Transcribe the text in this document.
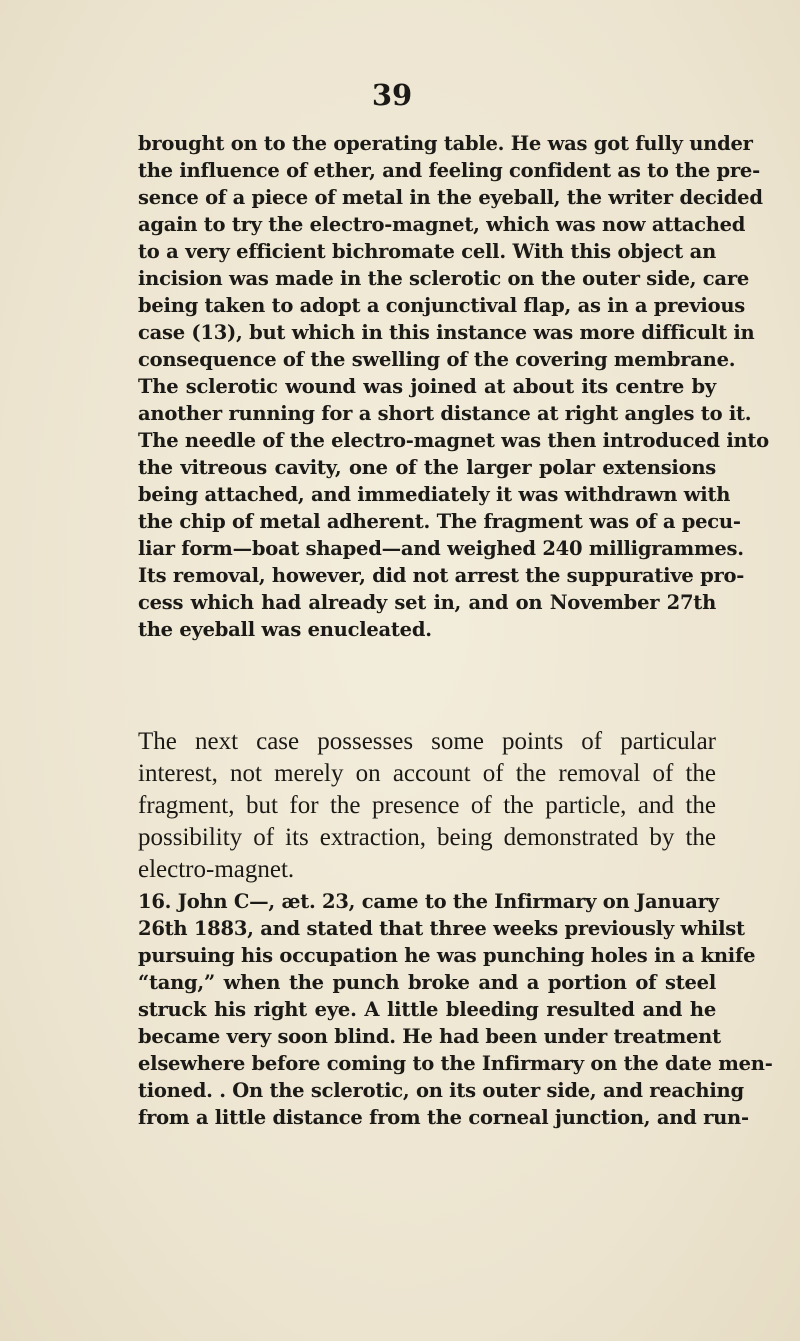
39
brought on to the operating table. He was got fully under
the influence of ether, and feeling confident as to the pre-
sence of a piece of metal in the eyeball, the writer decided
again to try the electro-magnet, which was now attached
to a very efficient bichromate cell. With this object an
incision was made in the sclerotic on the outer side, care
being taken to adopt a conjunctival flap, as in a previous
case (13), but which in this instance was more difficult in
consequence of the swelling of the covering membrane.
The sclerotic wound was joined at about its centre by
another running for a short distance at right angles to it.
The needle of the electro-magnet was then introduced into
the vitreous cavity, one of the larger polar extensions
being attached, and immediately it was withdrawn with
the chip of metal adherent. The fragment was of a pecu-
liar form—boat shaped—and weighed 240 milligrammes.
Its removal, however, did not arrest the suppurative pro-
cess which had already set in, and on November 27th
the eyeball was enucleated.
The next case possesses some points of particular
interest, not merely on account of the removal of the
fragment, but for the presence of the particle, and the
possibility of its extraction, being demonstrated by the
electro-magnet.
16. John C—, æt. 23, came to the Infirmary on January
26th 1883, and stated that three weeks previously whilst
pursuing his occupation he was punching holes in a knife
“tang,” when the punch broke and a portion of steel
struck his right eye. A little bleeding resulted and he
became very soon blind. He had been under treatment
elsewhere before coming to the Infirmary on the date men-
tioned. . On the sclerotic, on its outer side, and reaching
from a little distance from the corneal junction, and run-
